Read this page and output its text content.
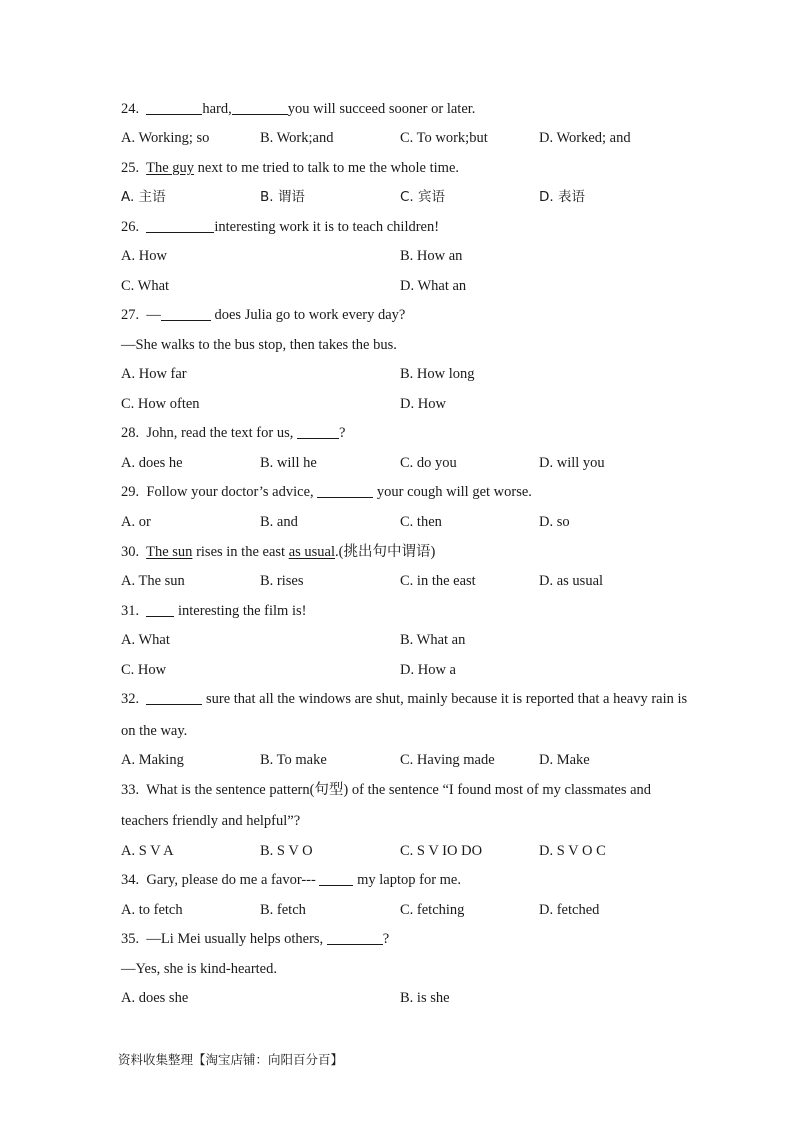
24.	hard,	you will succeed sooner or later.
A. Working; so	B. Work;and	C. To work;but	D. Worked; and
25. The guy next to me tried to talk to me the whole time.
A. 主语	B. 谓语	C. 宾语	D. 表语
26.	interesting work it is to teach children!
A. How	B. How an
C. What	D. What an
27. —	does Julia go to work every day?
—She walks to the bus stop, then takes the bus.
A. How far	B. How long
C. How often	D. How
28. John, read the text for us,	?
A. does he	B. will he	C. do you	D. will you
29. Follow your doctor’s advice,	your cough will get worse.
A. or	B. and	C. then	D. so
30. The sun rises in the east as usual.(挑出句中谓语)
A. The sun	B. rises	C. in the east	D. as usual
31.   interesting the film is!
A. What	B. What an
C. How	D. How a
32.	sure that all the windows are shut, mainly because it is reported that a heavy rain is
on the way.
A. Making	B. To make	C. Having made	D. Make
33. What is the sentence pattern(句型) of the sentence “I found most of my classmates and
teachers friendly and helpful”?
A. S V A	B. S V O	C. S V IO DO	D. S V O C
34. Gary, please do me a favor---  my laptop for me.
A. to fetch	B. fetch	C. fetching	D. fetched
35. —Li Mei usually helps others,	?
—Yes, she is kind-hearted.
A. does she	B. is she
资料收集整理【淘宝店铺：向阳百分百】
